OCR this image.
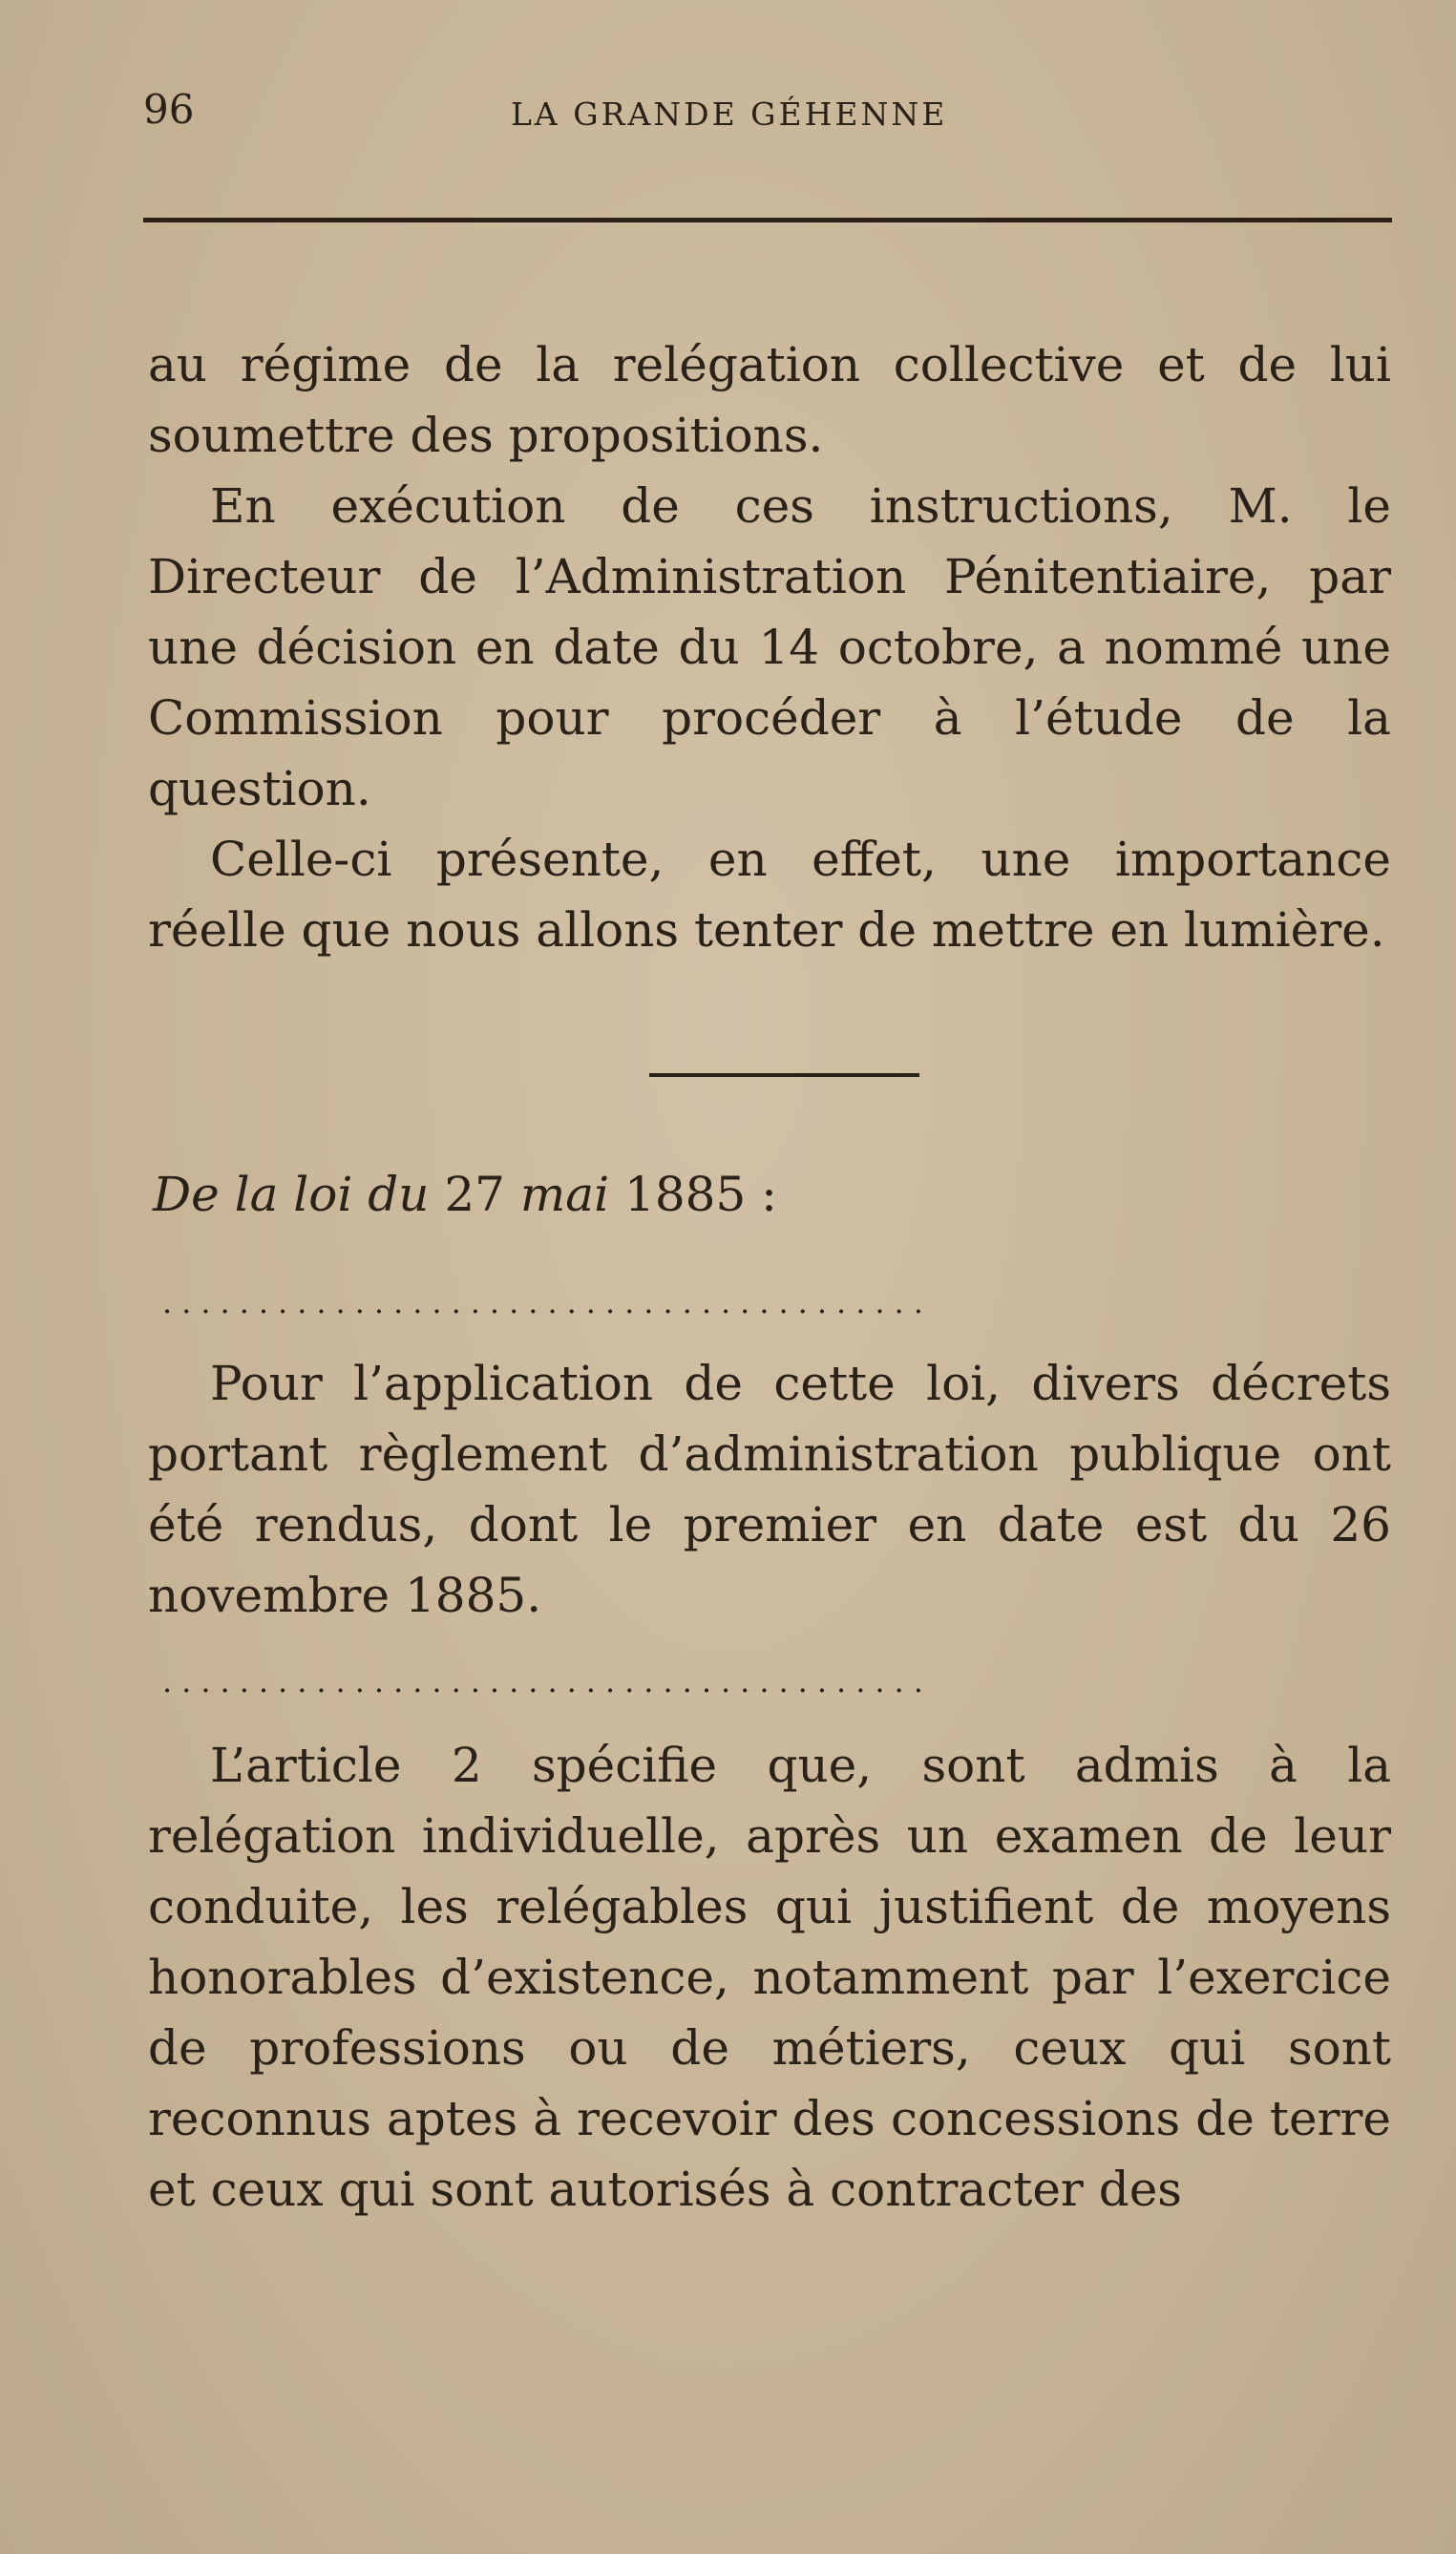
96	LA GRANDE GÉHENNE

au régime de la relégation collective et de lui soumettre des propositions.

En exécution de ces instructions, M. le Directeur de l’Administration Pénitentiaire, par une décision en date du 14 octobre, a nommé une Commission pour procéder à l’étude de la question.

Celle-ci présente, en effet, une importance réelle que nous allons tenter de mettre en lumière.

De la loi du 27 mai 1885 :
........................................

Pour l’application de cette loi, divers décrets portant règlement d’administration publique ont été rendus, dont le premier en date est du 26 novembre 1885.

........................................

L’article 2 spécifie que, sont admis à la relégation individuelle, après un examen de leur conduite, les relégables qui justifient de moyens honorables d’existence, notamment par l’exercice de professions ou de métiers, ceux qui sont reconnus aptes à recevoir des concessions de terre et ceux qui sont autorisés à contracter des
